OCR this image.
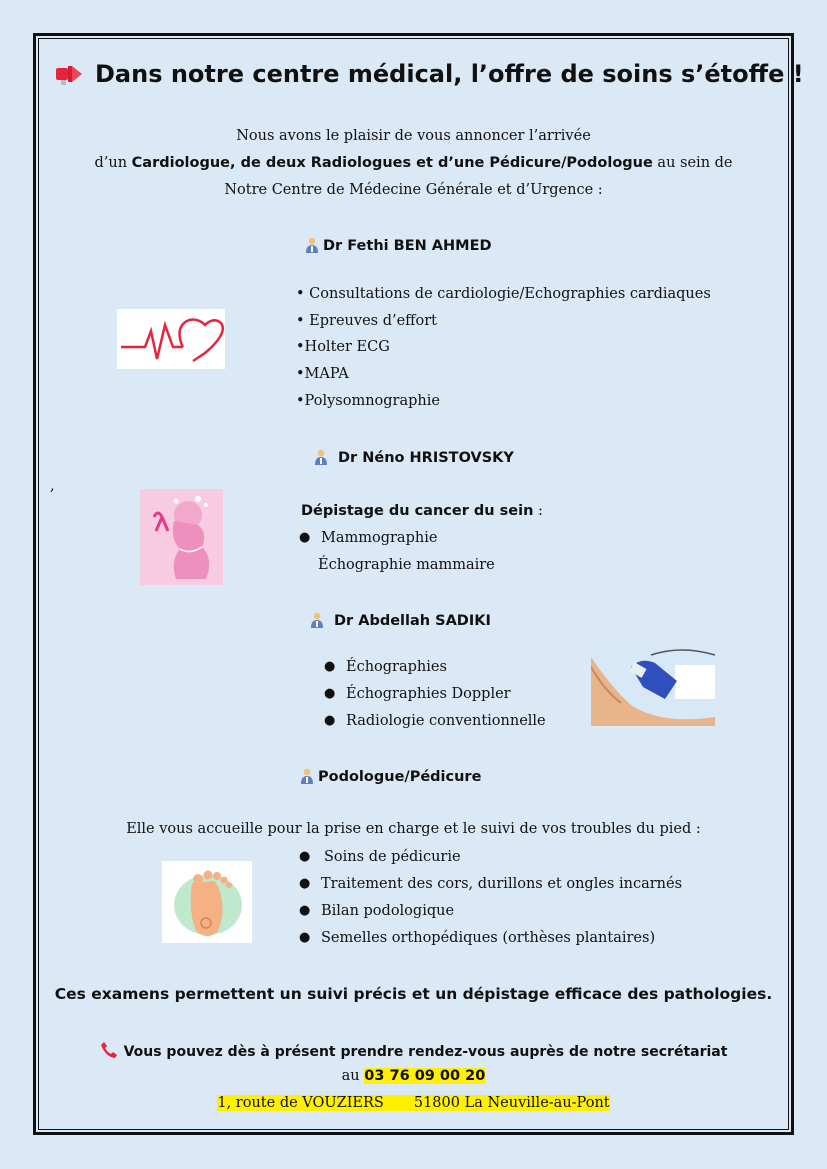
Dans notre centre médical, l’offre de soins s’étoffe !
Nous avons le plaisir de vous annoncer l’arrivée
d’un Cardiologue, de deux Radiologues et d’une Pédicure/Podologue au sein de
Notre Centre de Médecine Générale et d’Urgence :
Dr Fethi BEN AHMED
• Consultations de cardiologie/Echographies cardiaques
• Epreuves d’effort
•Holter ECG
•MAPA
•Polysomnographie
Dr Néno HRISTOVSKY
,
Dépistage du cancer du sein :
● Mammographie
Échographie mammaire
Dr Abdellah SADIKI
● Échographies
● Échographies Doppler
● Radiologie conventionnelle
Podologue/Pédicure
Elle vous accueille pour la prise en charge et le suivi de vos troubles du pied :
● Soins de pédicurie
● Traitement des cors, durillons et ongles incarnés
● Bilan podologique
● Semelles orthopédiques (orthèses plantaires)
Ces examens permettent un suivi précis et un dépistage efficace des pathologies.
Vous pouvez dès à présent prendre rendez-vous auprès de notre secrétariat
au 03 76 09 00 20
1, route de VOUZIERS 51800 La Neuville-au-Pont
